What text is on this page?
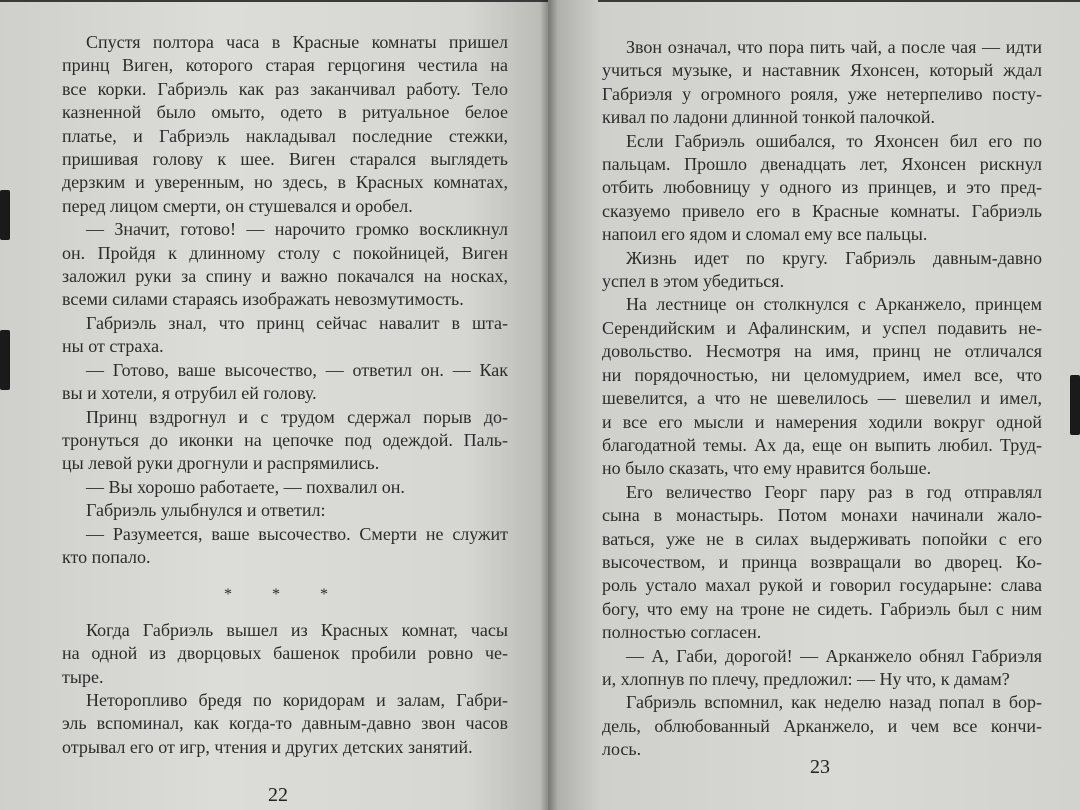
Спустя полтора часа в Красные комнаты пришел
принц Виген, которого старая герцогиня честила на
все корки. Габриэль как раз заканчивал работу. Тело
казненной было омыто, одето в ритуальное белое
платье, и Габриэль накладывал последние стежки,
пришивая голову к шее. Виген старался выглядеть
дерзким и уверенным, но здесь, в Красных комнатах,
перед лицом смерти, он стушевался и оробел.
— Значит, готово! — нарочито громко воскликнул
он. Пройдя к длинному столу с покойницей, Виген
заложил руки за спину и важно покачался на носках,
всеми силами стараясь изображать невозмутимость.
Габриэль знал, что принц сейчас навалит в шта-
ны от страха.
— Готово, ваше высочество, — ответил он. — Как
вы и хотели, я отрубил ей голову.
Принц вздрогнул и с трудом сдержал порыв до-
тронуться до иконки на цепочке под одеждой. Паль-
цы левой руки дрогнули и распрямились.
— Вы хорошо работаете, — похвалил он.
Габриэль улыбнулся и ответил:
— Разумеется, ваше высочество. Смерти не служит
кто попало.
* * *
Когда Габриэль вышел из Красных комнат, часы
на одной из дворцовых башенок пробили ровно че-
тыре.
Неторопливо бредя по коридорам и залам, Габри-
эль вспоминал, как когда-то давным-давно звон часов
отрывал его от игр, чтения и других детских занятий.
22
Звон означал, что пора пить чай, а после чая — идти
учиться музыке, и наставник Яхонсен, который ждал
Габриэля у огромного рояля, уже нетерпеливо посту-
кивал по ладони длинной тонкой палочкой.
Если Габриэль ошибался, то Яхонсен бил его по
пальцам. Прошло двенадцать лет, Яхонсен рискнул
отбить любовницу у одного из принцев, и это пред-
сказуемо привело его в Красные комнаты. Габриэль
напоил его ядом и сломал ему все пальцы.
Жизнь идет по кругу. Габриэль давным-давно
успел в этом убедиться.
На лестнице он столкнулся с Арканжело, принцем
Серендийским и Афалинским, и успел подавить не-
довольство. Несмотря на имя, принц не отличался
ни порядочностью, ни целомудрием, имел все, что
шевелится, а что не шевелилось — шевелил и имел,
и все его мысли и намерения ходили вокруг одной
благодатной темы. Ах да, еще он выпить любил. Труд-
но было сказать, что ему нравится больше.
Его величество Георг пару раз в год отправлял
сына в монастырь. Потом монахи начинали жало-
ваться, уже не в силах выдерживать попойки с его
высочеством, и принца возвращали во дворец. Ко-
роль устало махал рукой и говорил государыне: слава
богу, что ему на троне не сидеть. Габриэль был с ним
полностью согласен.
— А, Габи, дорогой! — Арканжело обнял Габриэля
и, хлопнув по плечу, предложил: — Ну что, к дамам?
Габриэль вспомнил, как неделю назад попал в бор-
дель, облюбованный Арканжело, и чем все кончи-
лось.
23
